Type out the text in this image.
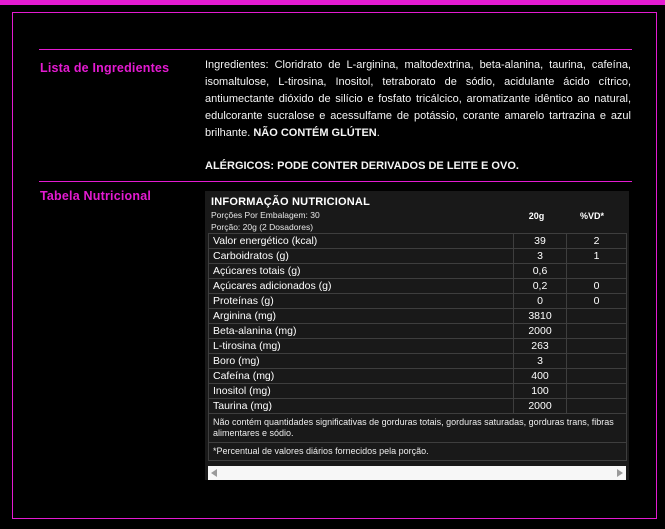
Lista de Ingredientes	Ingredientes: Cloridrato de L-arginina, maltodextrina, beta-alanina, taurina, cafeína, isomaltulose, L-tirosina, Inositol, tetraborato de sódio, acidulante ácido cítrico, antiumectante dióxido de silício e fosfato tricálcico, aromatizante idêntico ao natural, edulcorante sucralose e acessulfame de potássio, corante amarelo tartrazina e azul brilhante. NÃO CONTÉM GLÚTEN.

ALÉRGICOS: PODE CONTER DERIVADOS DE LEITE E OVO.

Tabela Nutricional	INFORMAÇÃO NUTRICIONAL
Porções Por Embalagem: 30
Porção: 20g (2 Dosadores)
20g	%VD*
Valor energético (kcal)	39	2
Carboidratos (g)	3	1
Açúcares totais (g)	0,6	
Açúcares adicionados (g)	0,2	0
Proteínas (g)	0	0
Arginina (mg)	3810	
Beta-alanina (mg)	2000	
L-tirosina (mg)	263	
Boro (mg)	3	
Cafeína (mg)	400	
Inositol (mg)	100	
Taurina (mg)	2000	
Não contém quantidades significativas de gorduras totais, gorduras saturadas, gorduras trans, fibras alimentares e sódio.		
*Percentual de valores diários fornecidos pela porção.		
